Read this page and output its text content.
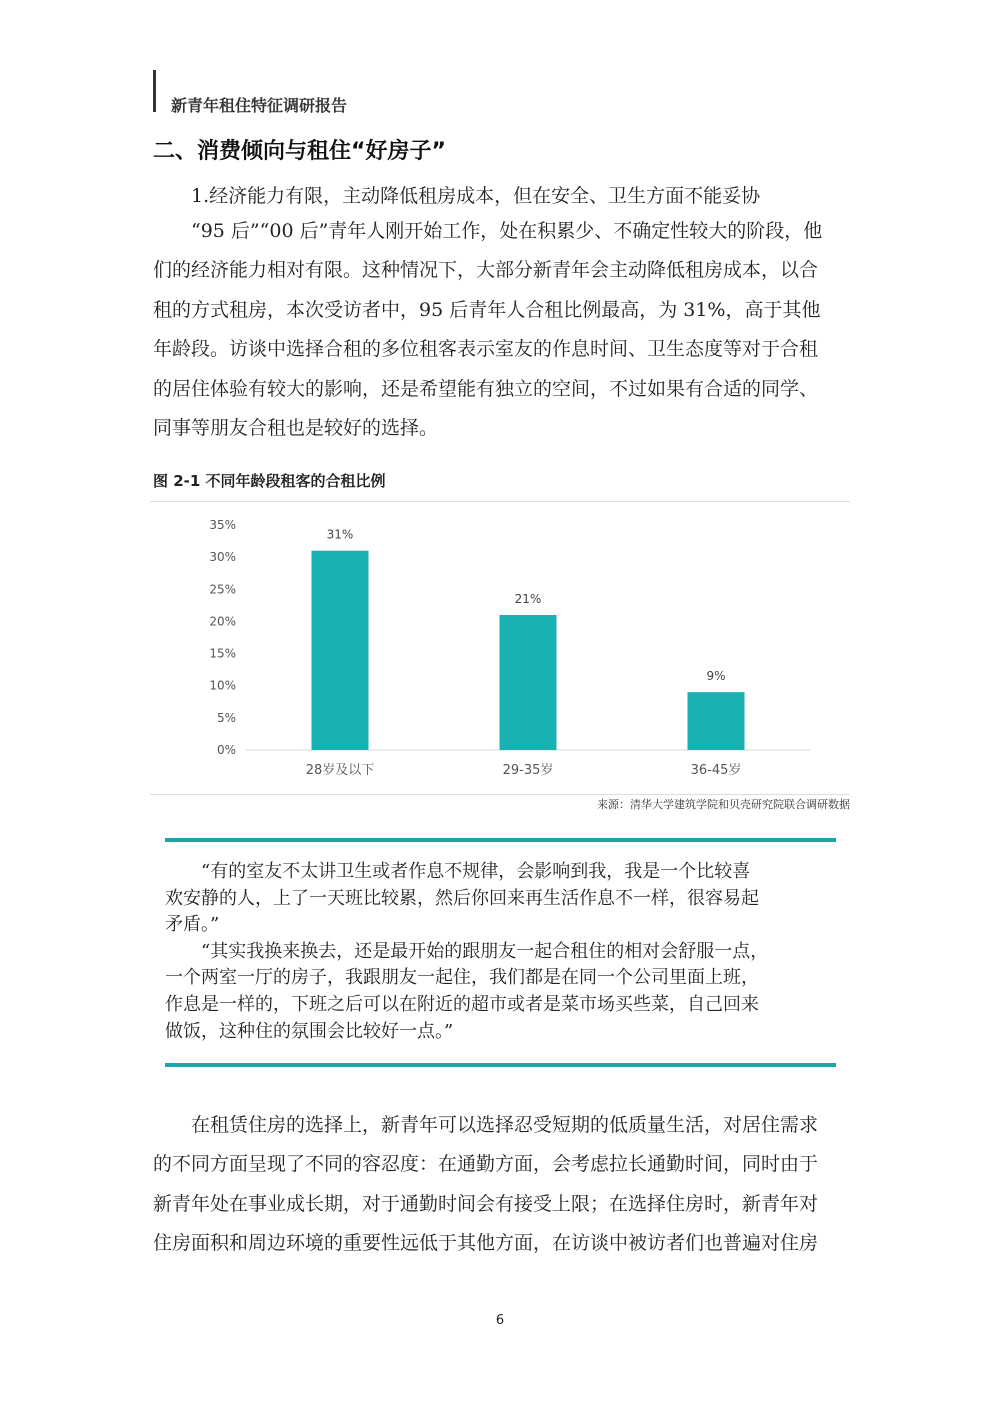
新青年租住特征调研报告
二、消费倾向与租住“好房子”
1.经济能力有限，主动降低租房成本，但在安全、卫生方面不能妥协
“95 后”“00 后”青年人刚开始工作，处在积累少、不确定性较大的阶段，他
们的经济能力相对有限。这种情况下，大部分新青年会主动降低租房成本，以合
租的方式租房，本次受访者中，95 后青年人合租比例最高，为 31%，高于其他
年龄段。访谈中选择合租的多位租客表示室友的作息时间、卫生态度等对于合租
的居住体验有较大的影响，还是希望能有独立的空间，不过如果有合适的同学、
同事等朋友合租也是较好的选择。
图 2-1 不同年龄段租客的合租比例
0%
5%
10%
15%
20%
25%
30%
35%
31%
28岁及以下
21%
29-35岁
9%
36-45岁
来源：清华大学建筑学院和贝壳研究院联合调研数据
“有的室友不太讲卫生或者作息不规律，会影响到我，我是一个比较喜
欢安静的人，上了一天班比较累，然后你回来再生活作息不一样，很容易起
矛盾。”
“其实我换来换去，还是最开始的跟朋友一起合租住的相对会舒服一点，
一个两室一厅的房子，我跟朋友一起住，我们都是在同一个公司里面上班，
作息是一样的，下班之后可以在附近的超市或者是菜市场买些菜，自己回来
做饭，这种住的氛围会比较好一点。”
在租赁住房的选择上，新青年可以选择忍受短期的低质量生活，对居住需求
的不同方面呈现了不同的容忍度：在通勤方面，会考虑拉长通勤时间，同时由于
新青年处在事业成长期，对于通勤时间会有接受上限；在选择住房时，新青年对
住房面积和周边环境的重要性远低于其他方面，在访谈中被访者们也普遍对住房
6
